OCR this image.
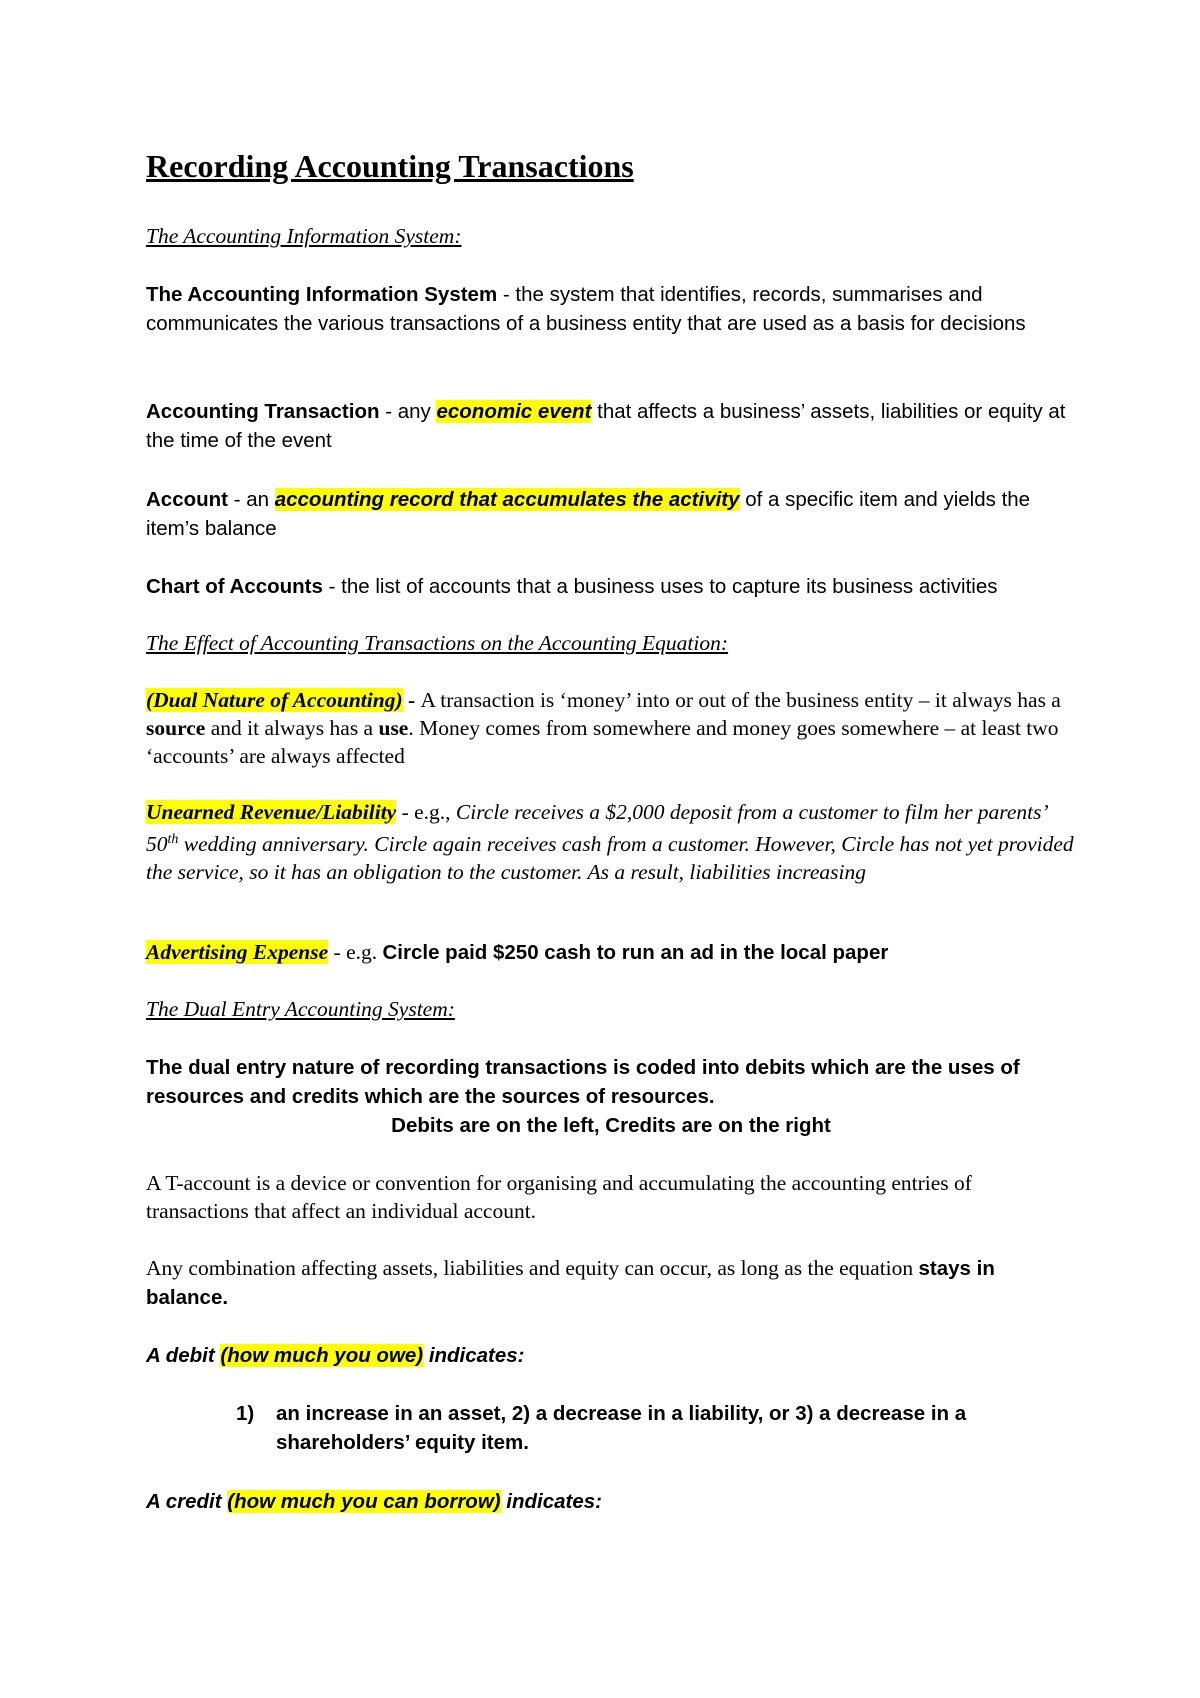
Recording Accounting Transactions
The Accounting Information System:
The Accounting Information System - the system that identifies, records, summarises and communicates the various transactions of a business entity that are used as a basis for decisions
Accounting Transaction - any economic event that affects a business’ assets, liabilities or equity at the time of the event
Account - an accounting record that accumulates the activity of a specific item and yields the item’s balance
Chart of Accounts - the list of accounts that a business uses to capture its business activities
The Effect of Accounting Transactions on the Accounting Equation:
(Dual Nature of Accounting) - A transaction is ‘money’ into or out of the business entity – it always has a source and it always has a use. Money comes from somewhere and money goes somewhere – at least two ‘accounts’ are always affected
Unearned Revenue/Liability - e.g., Circle receives a $2,000 deposit from a customer to film her parents’ 50th wedding anniversary. Circle again receives cash from a customer. However, Circle has not yet provided the service, so it has an obligation to the customer. As a result, liabilities increasing
Advertising Expense - e.g. Circle paid $250 cash to run an ad in the local paper
The Dual Entry Accounting System:
The dual entry nature of recording transactions is coded into debits which are the uses of resources and credits which are the sources of resources.
Debits are on the left, Credits are on the right
A T-account is a device or convention for organising and accumulating the accounting entries of transactions that affect an individual account.
Any combination affecting assets, liabilities and equity can occur, as long as the equation stays in balance.
A debit (how much you owe) indicates:
1)	an increase in an asset, 2) a decrease in a liability, or 3) a decrease in a shareholders’ equity item.
A credit (how much you can borrow) indicates:
